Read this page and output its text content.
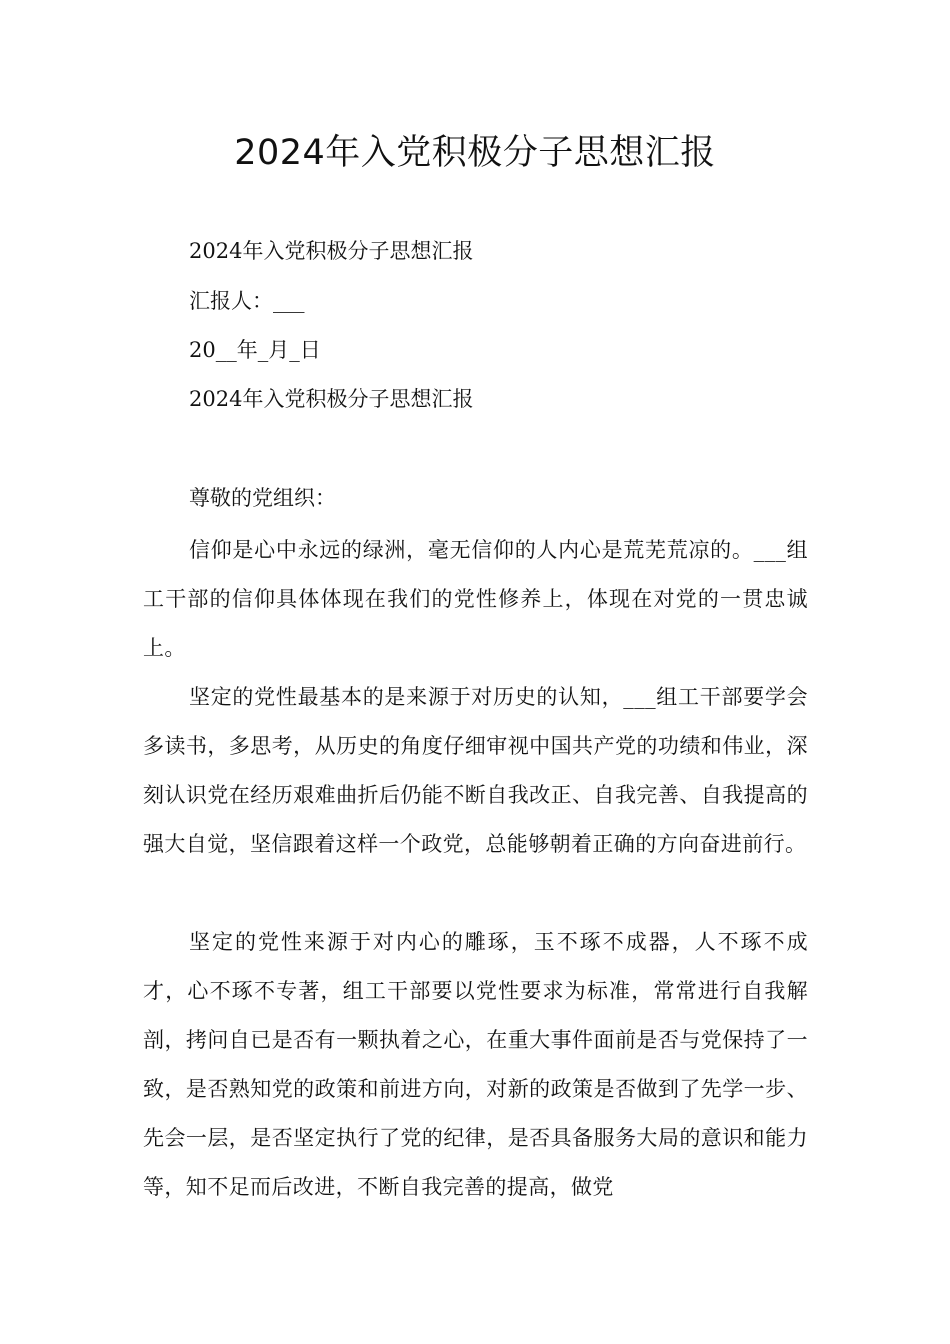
2024年入党积极分子思想汇报

2024年入党积极分子思想汇报

汇报人：___

20__年_月_日

2024年入党积极分子思想汇报

尊敬的党组织：

信仰是心中永远的绿洲，毫无信仰的人内心是荒芜荒凉的。___组工干部的信仰具体体现在我们的党性修养上，体现在对党的一贯忠诚上。

坚定的党性最基本的是来源于对历史的认知，___组工干部要学会多读书，多思考，从历史的角度仔细审视中国共产党的功绩和伟业，深刻认识党在经历艰难曲折后仍能不断自我改正、自我完善、自我提高的强大自觉，坚信跟着这样一个政党，总能够朝着正确的方向奋进前行。

坚定的党性来源于对内心的雕琢，玉不琢不成器，人不琢不成才，心不琢不专著，组工干部要以党性要求为标准，常常进行自我解剖，拷问自已是否有一颗执着之心，在重大事件面前是否与党保持了一致，是否熟知党的政策和前进方向，对新的政策是否做到了先学一步、先会一层，是否坚定执行了党的纪律，是否具备服务大局的意识和能力等，知不足而后改进，不断自我完善的提高，做党
